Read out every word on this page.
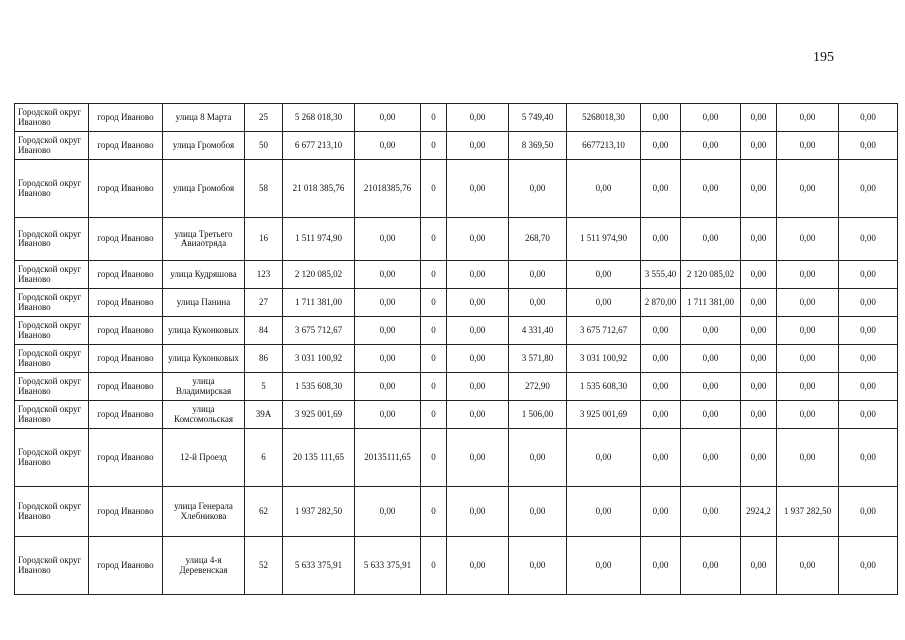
195
Городской округ Иваново	город Иваново	улица 8 Марта	25	5 268 018,30	0,00	0	0,00	5 749,40	5268018,30	0,00	0,00	0,00	0,00	0,00
Городской округ Иваново	город Иваново	улица Громобоя	50	6 677 213,10	0,00	0	0,00	8 369,50	6677213,10	0,00	0,00	0,00	0,00	0,00
Городской округ Иваново	город Иваново	улица Громобоя	58	21 018 385,76	21018385,76	0	0,00	0,00	0,00	0,00	0,00	0,00	0,00	0,00
Городской округ Иваново	город Иваново	улица Третьего Авиаотряда	16	1 511 974,90	0,00	0	0,00	268,70	1 511 974,90	0,00	0,00	0,00	0,00	0,00
Городской округ Иваново	город Иваново	улица Кудряшова	123	2 120 085,02	0,00	0	0,00	0,00	0,00	3 555,40	2 120 085,02	0,00	0,00	0,00
Городской округ Иваново	город Иваново	улица Панина	27	1 711 381,00	0,00	0	0,00	0,00	0,00	2 870,00	1 711 381,00	0,00	0,00	0,00
Городской округ Иваново	город Иваново	улица Куконковых	84	3 675 712,67	0,00	0	0,00	4 331,40	3 675 712,67	0,00	0,00	0,00	0,00	0,00
Городской округ Иваново	город Иваново	улица Куконковых	86	3 031 100,92	0,00	0	0,00	3 571,80	3 031 100,92	0,00	0,00	0,00	0,00	0,00
Городской округ Иваново	город Иваново	улица Владимирская	5	1 535 608,30	0,00	0	0,00	272,90	1 535 608,30	0,00	0,00	0,00	0,00	0,00
Городской округ Иваново	город Иваново	улица Комсомольская	39А	3 925 001,69	0,00	0	0,00	1 506,00	3 925 001,69	0,00	0,00	0,00	0,00	0,00
Городской округ Иваново	город Иваново	12-й Проезд	6	20 135 111,65	20135111,65	0	0,00	0,00	0,00	0,00	0,00	0,00	0,00	0,00
Городской округ Иваново	город Иваново	улица Генерала Хлебникова	62	1 937 282,50	0,00	0	0,00	0,00	0,00	0,00	0,00	2924,2	1 937 282,50	0,00
Городской округ Иваново	город Иваново	улица 4-я Деревенская	52	5 633 375,91	5 633 375,91	0	0,00	0,00	0,00	0,00	0,00	0,00	0,00	0,00
